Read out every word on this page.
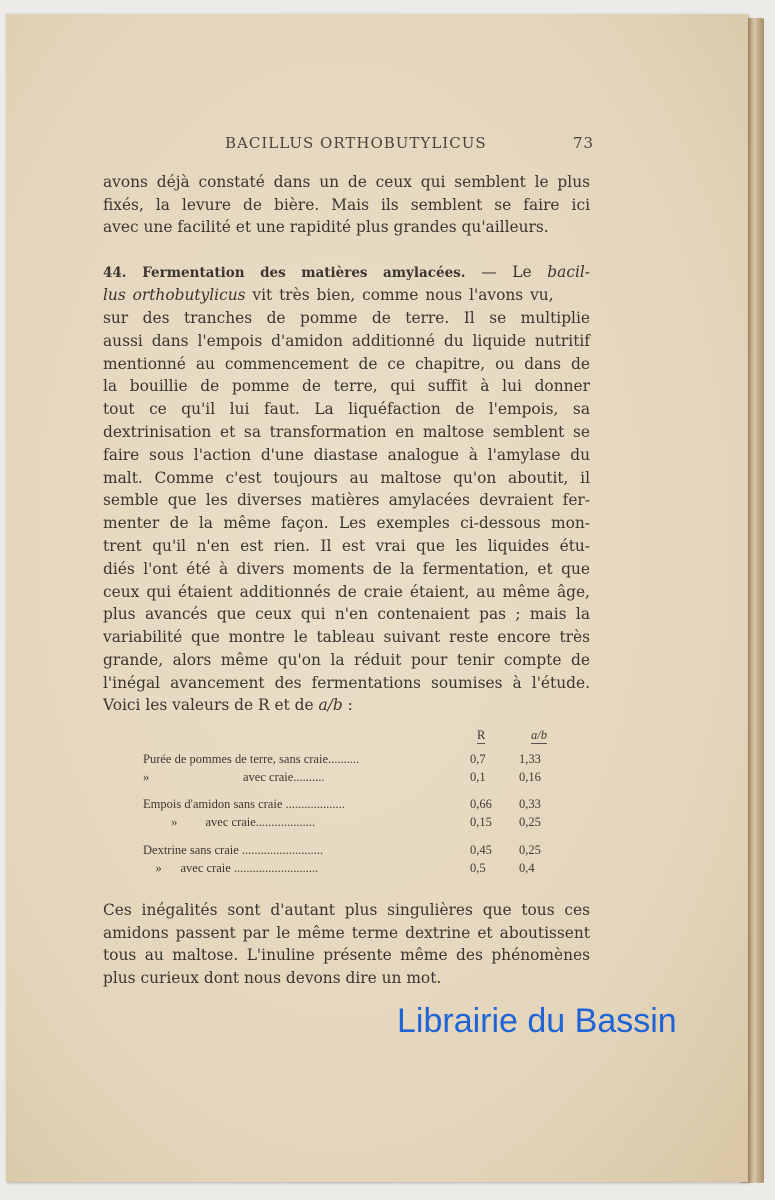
BACILLUS ORTHOBUTYLICUS	73
avons déjà constaté dans un de ceux qui semblent le plus
fixés, la levure de bière. Mais ils semblent se faire ici
avec une facilité et une rapidité plus grandes qu'ailleurs.
44. Fermentation des matières amylacées. — Le bacil-
lus orthobutylicus vit très bien, comme nous l'avons vu,
sur des tranches de pomme de terre. Il se multiplie
aussi dans l'empois d'amidon additionné du liquide nutritif
mentionné au commencement de ce chapitre, ou dans de
la bouillie de pomme de terre, qui suffit à lui donner
tout ce qu'il lui faut. La liquéfaction de l'empois, sa
dextrinisation et sa transformation en maltose semblent se
faire sous l'action d'une diastase analogue à l'amylase du
malt. Comme c'est toujours au maltose qu'on aboutit, il
semble que les diverses matières amylacées devraient fer-
menter de la même façon. Les exemples ci-dessous mon-
trent qu'il n'en est rien. Il est vrai que les liquides étu-
diés l'ont été à divers moments de la fermentation, et que
ceux qui étaient additionnés de craie étaient, au même âge,
plus avancés que ceux qui n'en contenaient pas ; mais la
variabilité que montre le tableau suivant reste encore très
grande, alors même qu'on la réduit pour tenir compte de
l'inégal avancement des fermentations soumises à l'étude.
Voici les valeurs de R et de a/b :
R	a/b
Purée de pommes de terre, sans craie..........	0,7	1,33
»                              avec craie..........	0,1	0,16
Empois d'amidon sans craie ...................	0,66 0,33
»         avec craie...................	0,15 0,25
Dextrine sans craie ..........................	0,45 0,25
»      avec craie ...........................	0,5	0,4
Ces inégalités sont d'autant plus singulières que tous ces
amidons passent par le même terme dextrine et aboutissent
tous au maltose. L'inuline présente même des phénomènes
plus curieux dont nous devons dire un mot.
Librairie du Bassin
